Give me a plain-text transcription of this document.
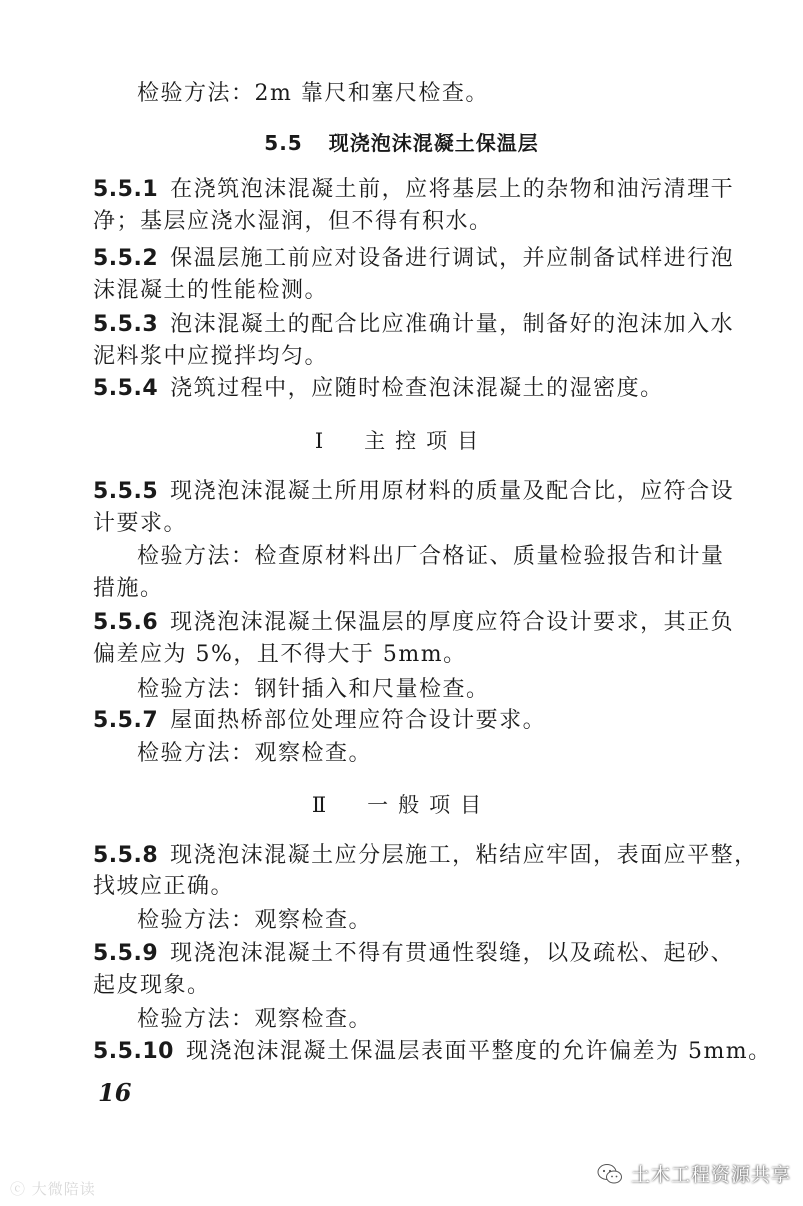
检验方法：2m 靠尺和塞尺检查。
5.5 现浇泡沫混凝土保温层
5.5.1 在浇筑泡沫混凝土前，应将基层上的杂物和油污清理干
净；基层应浇水湿润，但不得有积水。
5.5.2 保温层施工前应对设备进行调试，并应制备试样进行泡
沫混凝土的性能检测。
5.5.3 泡沫混凝土的配合比应准确计量，制备好的泡沫加入水
泥料浆中应搅拌均匀。
5.5.4 浇筑过程中，应随时检查泡沫混凝土的湿密度。
Ⅰ　主控项目
5.5.5 现浇泡沫混凝土所用原材料的质量及配合比，应符合设
计要求。
检验方法：检查原材料出厂合格证、质量检验报告和计量
措施。
5.5.6 现浇泡沫混凝土保温层的厚度应符合设计要求，其正负
偏差应为 5%，且不得大于 5mm。
检验方法：钢针插入和尺量检查。
5.5.7 屋面热桥部位处理应符合设计要求。
检验方法：观察检查。
Ⅱ　一般项目
5.5.8 现浇泡沫混凝土应分层施工，粘结应牢固，表面应平整，
找坡应正确。
检验方法：观察检查。
5.5.9 现浇泡沫混凝土不得有贯通性裂缝，以及疏松、起砂、
起皮现象。
检验方法：观察检查。
5.5.10 现浇泡沫混凝土保温层表面平整度的允许偏差为 5mm。
16
ⓒ 大微陪读
土木工程资源共享
